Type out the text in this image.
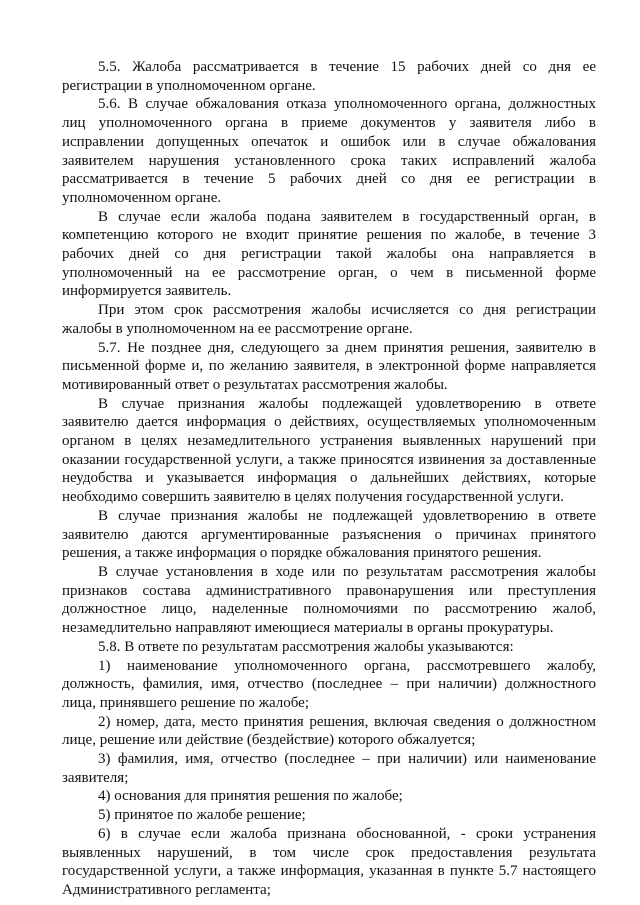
5.5. Жалоба рассматривается в течение 15 рабочих дней со дня ее регистрации в уполномоченном органе.

5.6. В случае обжалования отказа уполномоченного органа, должностных лиц уполномоченного органа в приеме документов у заявителя либо в исправлении допущенных опечаток и ошибок или в случае обжалования заявителем нарушения установленного срока таких исправлений жалоба рассматривается в течение 5 рабочих дней со дня ее регистрации в уполномоченном органе.

В случае если жалоба подана заявителем в государственный орган, в компетенцию которого не входит принятие решения по жалобе, в течение 3 рабочих дней со дня регистрации такой жалобы она направляется в уполномоченный на ее рассмотрение орган, о чем в письменной форме информируется заявитель.

При этом срок рассмотрения жалобы исчисляется со дня регистрации жалобы в уполномоченном на ее рассмотрение органе.

5.7. Не позднее дня, следующего за днем принятия решения, заявителю в письменной форме и, по желанию заявителя, в электронной форме направляется мотивированный ответ о результатах рассмотрения жалобы.

В случае признания жалобы подлежащей удовлетворению в ответе заявителю дается информация о действиях, осуществляемых уполномоченным органом в целях незамедлительного устранения выявленных нарушений при оказании государственной услуги, а также приносятся извинения за доставленные неудобства и указывается информация о дальнейших действиях, которые необходимо совершить заявителю в целях получения государственной услуги.

В случае признания жалобы не подлежащей удовлетворению в ответе заявителю даются аргументированные разъяснения о причинах принятого решения, а также информация о порядке обжалования принятого решения.

В случае установления в ходе или по результатам рассмотрения жалобы признаков состава административного правонарушения или преступления должностное лицо, наделенные полномочиями по рассмотрению жалоб, незамедлительно направляют имеющиеся материалы в органы прокуратуры.

5.8. В ответе по результатам рассмотрения жалобы указываются:

1) наименование уполномоченного органа, рассмотревшего жалобу, должность, фамилия, имя, отчество (последнее – при наличии) должностного лица, принявшего решение по жалобе;

2) номер, дата, место принятия решения, включая сведения о должностном лице, решение или действие (бездействие) которого обжалуется;

3) фамилия, имя, отчество (последнее – при наличии) или наименование заявителя;

4) основания для принятия решения по жалобе;

5) принятое по жалобе решение;

6) в случае если жалоба признана обоснованной, - сроки устранения выявленных нарушений, в том числе срок предоставления результата государственной услуги, а также информация, указанная в пункте 5.7 настоящего Административного регламента;
